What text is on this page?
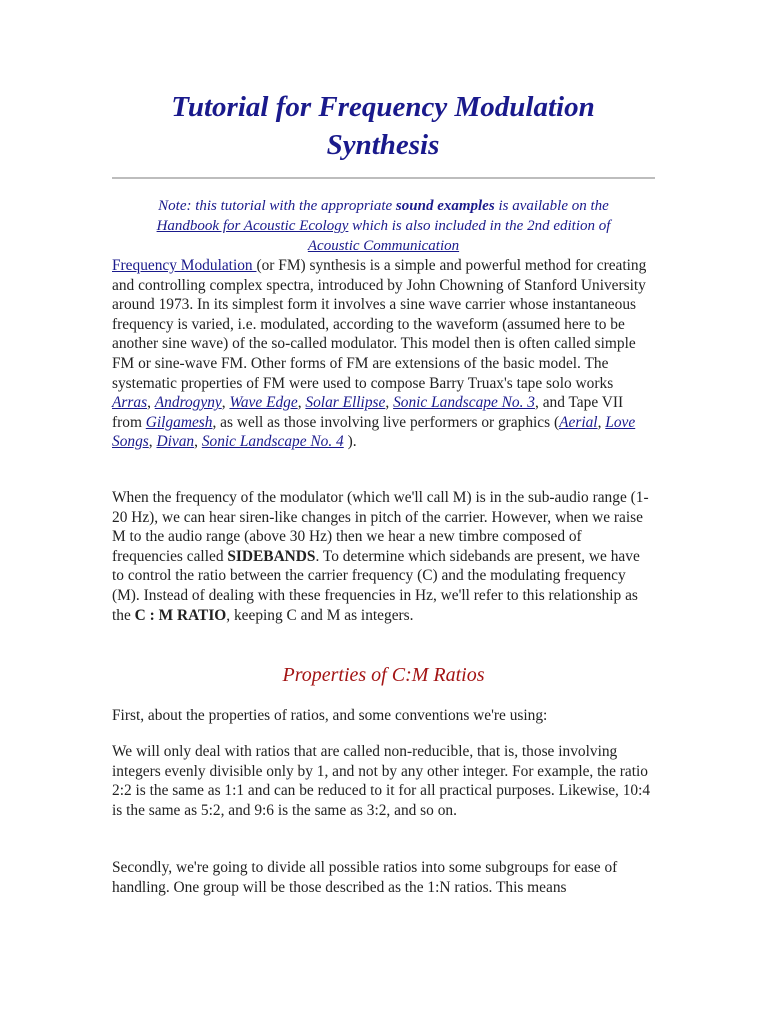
Tutorial for Frequency Modulation Synthesis
Note: this tutorial with the appropriate sound examples is available on the
Handbook for Acoustic Ecology which is also included in the 2nd edition of
Acoustic Communication

Frequency Modulation (or FM) synthesis is a simple and powerful method for creating and controlling complex spectra, introduced by John Chowning of Stanford University around 1973. In its simplest form it involves a sine wave carrier whose instantaneous frequency is varied, i.e. modulated, according to the waveform (assumed here to be another sine wave) of the so-called modulator. This model then is often called simple FM or sine-wave FM. Other forms of FM are extensions of the basic model. The systematic properties of FM were used to compose Barry Truax's tape solo works Arras, Androgyny, Wave Edge, Solar Ellipse, Sonic Landscape No. 3, and Tape VII from Gilgamesh, as well as those involving live performers or graphics (Aerial, Love Songs, Divan, Sonic Landscape No. 4 ).

When the frequency of the modulator (which we'll call M) is in the sub-audio range (1-20 Hz), we can hear siren-like changes in pitch of the carrier. However, when we raise M to the audio range (above 30 Hz) then we hear a new timbre composed of frequencies called SIDEBANDS. To determine which sidebands are present, we have to control the ratio between the carrier frequency (C) and the modulating frequency (M). Instead of dealing with these frequencies in Hz, we'll refer to this relationship as the C : M RATIO, keeping C and M as integers.

Properties of C:M Ratios

First, about the properties of ratios, and some conventions we're using:

We will only deal with ratios that are called non-reducible, that is, those involving integers evenly divisible only by 1, and not by any other integer. For example, the ratio 2:2 is the same as 1:1 and can be reduced to it for all practical purposes. Likewise, 10:4 is the same as 5:2, and 9:6 is the same as 3:2, and so on.

Secondly, we're going to divide all possible ratios into some subgroups for ease of handling. One group will be those described as the 1:N ratios. This means
